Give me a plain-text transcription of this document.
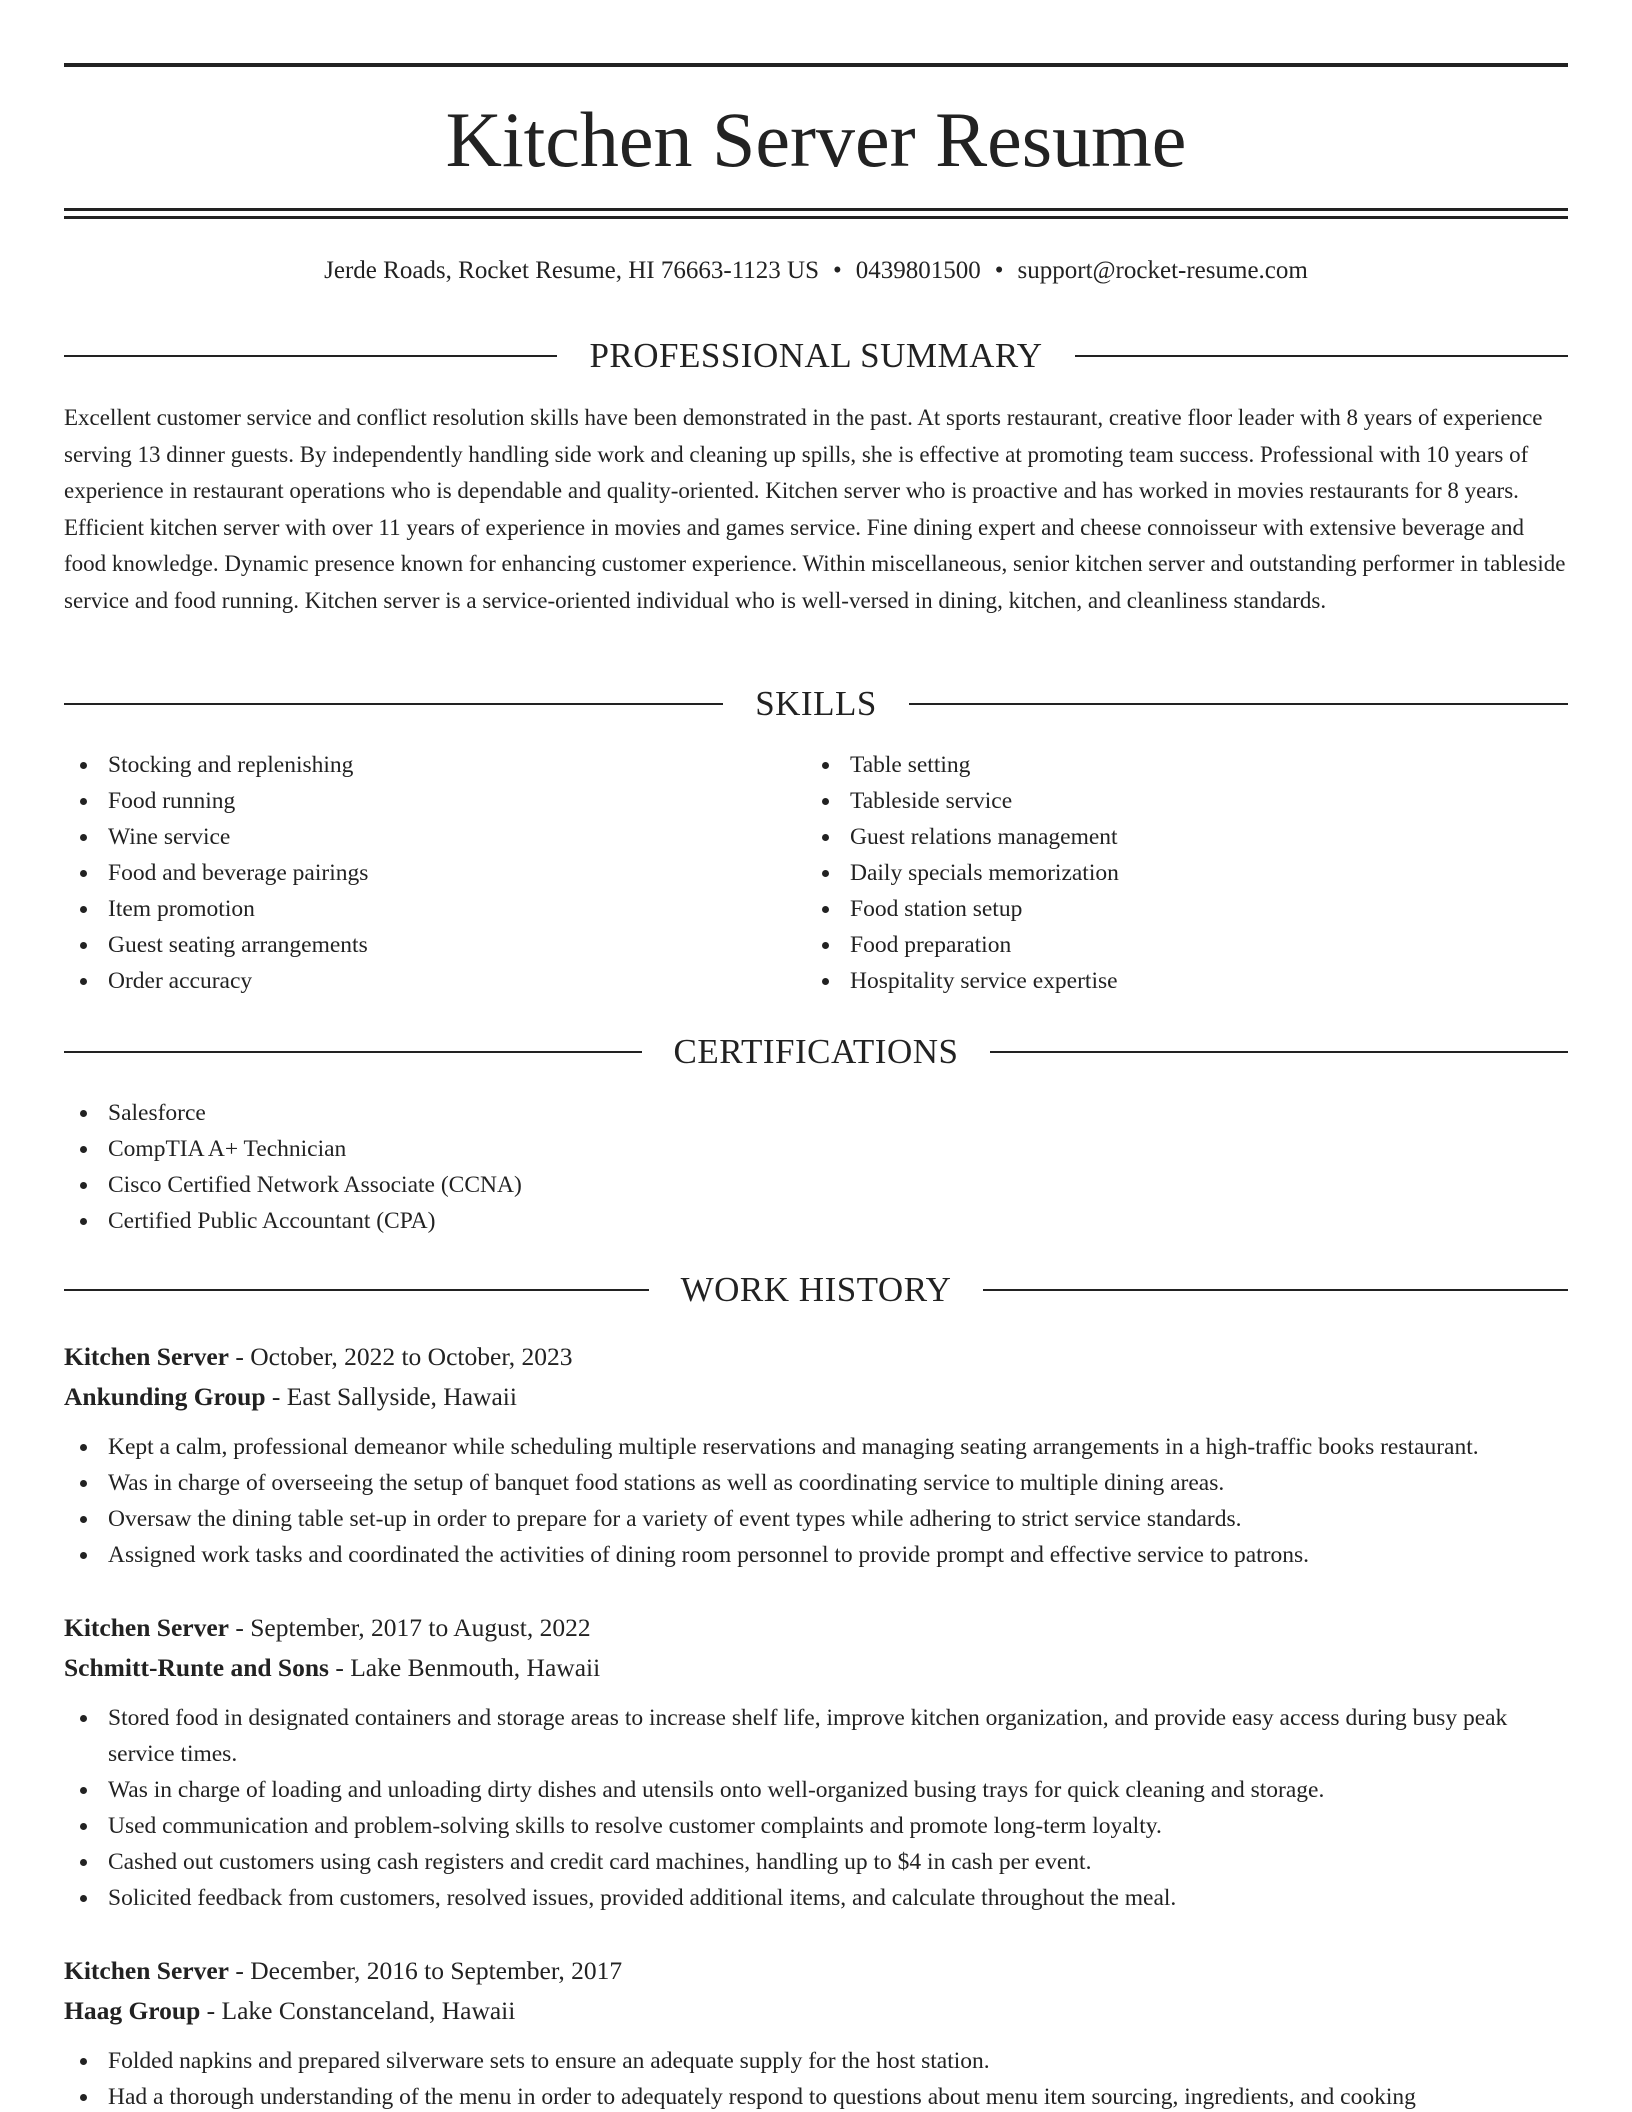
Kitchen Server Resume
Jerde Roads, Rocket Resume, HI 76663-1123 US • 0439801500 • support@rocket-resume.com
PROFESSIONAL SUMMARY

Excellent customer service and conflict resolution skills have been demonstrated in the past. At sports restaurant, creative floor leader with 8 years of experience serving 13 dinner guests. By independently handling side work and cleaning up spills, she is effective at promoting team success. Professional with 10 years of experience in restaurant operations who is dependable and quality-oriented. Kitchen server who is proactive and has worked in movies restaurants for 8 years. Efficient kitchen server with over 11 years of experience in movies and games service. Fine dining expert and cheese connoisseur with extensive beverage and food knowledge. Dynamic presence known for enhancing customer experience. Within miscellaneous, senior kitchen server and outstanding performer in tableside service and food running. Kitchen server is a service-oriented individual who is well-versed in dining, kitchen, and cleanliness standards.

SKILLS
Stocking and replenishing
Food running
Wine service
Food and beverage pairings
Item promotion
Guest seating arrangements
Order accuracy
Table setting
Tableside service
Guest relations management
Daily specials memorization
Food station setup
Food preparation
Hospitality service expertise
CERTIFICATIONS
Salesforce
CompTIA A+ Technician
Cisco Certified Network Associate (CCNA)
Certified Public Accountant (CPA)
WORK HISTORY
Kitchen Server - October, 2022 to October, 2023
Ankunding Group - East Sallyside, Hawaii
Kept a calm, professional demeanor while scheduling multiple reservations and managing seating arrangements in a high-traffic books restaurant.
Was in charge of overseeing the setup of banquet food stations as well as coordinating service to multiple dining areas.
Oversaw the dining table set-up in order to prepare for a variety of event types while adhering to strict service standards.
Assigned work tasks and coordinated the activities of dining room personnel to provide prompt and effective service to patrons.
Kitchen Server - September, 2017 to August, 2022
Schmitt-Runte and Sons - Lake Benmouth, Hawaii
Stored food in designated containers and storage areas to increase shelf life, improve kitchen organization, and provide easy access during busy peak service times.
Was in charge of loading and unloading dirty dishes and utensils onto well-organized busing trays for quick cleaning and storage.
Used communication and problem-solving skills to resolve customer complaints and promote long-term loyalty.
Cashed out customers using cash registers and credit card machines, handling up to $4 in cash per event.
Solicited feedback from customers, resolved issues, provided additional items, and calculate throughout the meal.
Kitchen Server - December, 2016 to September, 2017
Haag Group - Lake Constanceland, Hawaii
Folded napkins and prepared silverware sets to ensure an adequate supply for the host station.
Had a thorough understanding of the menu in order to adequately respond to questions about menu item sourcing, ingredients, and cooking
